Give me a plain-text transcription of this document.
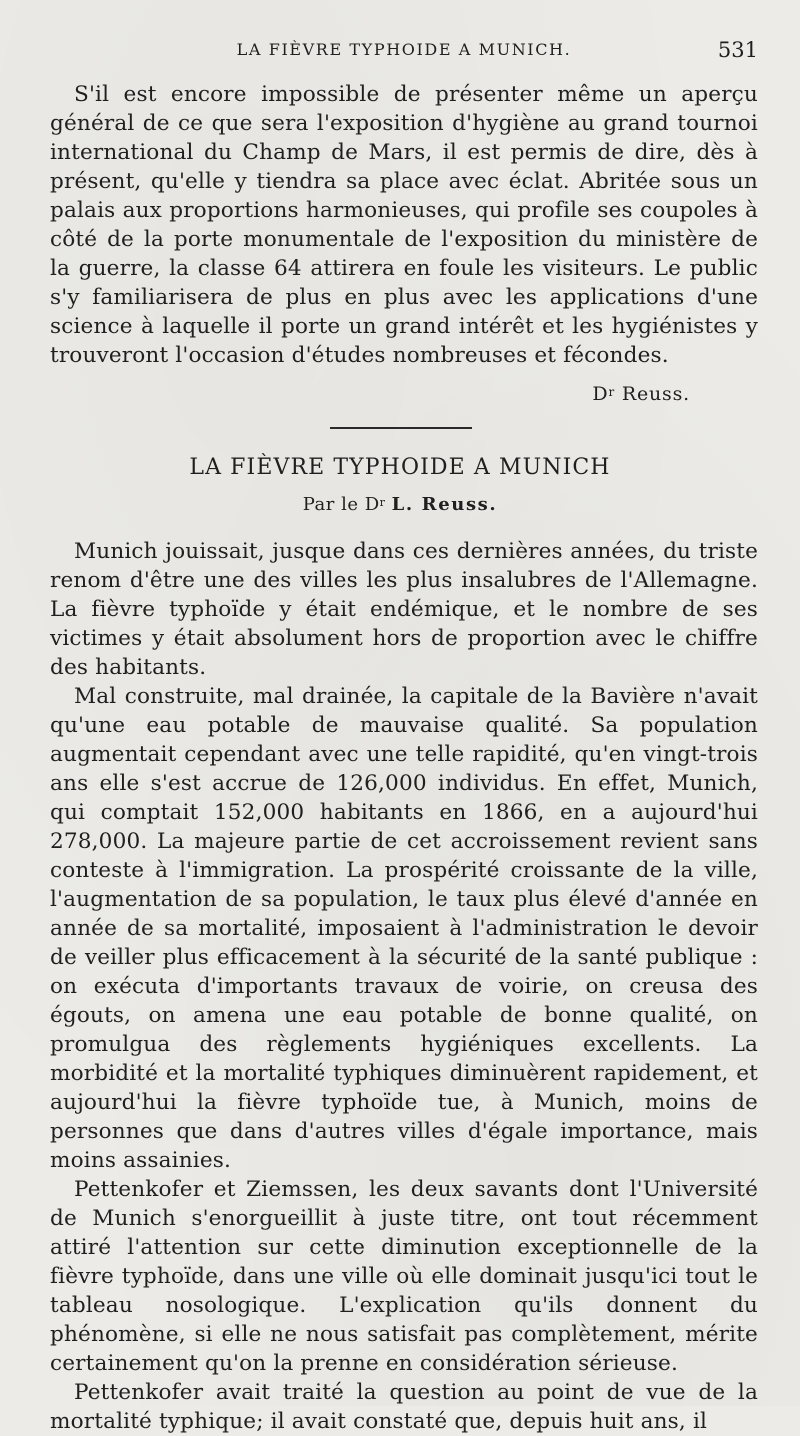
LA FIÈVRE TYPHOIDE A MUNICH.	531

S'il est encore impossible de présenter même un aperçu général de ce que sera l'exposition d'hygiène au grand tournoi international du Champ de Mars, il est permis de dire, dès à présent, qu'elle y tiendra sa place avec éclat. Abritée sous un palais aux proportions harmonieuses, qui profile ses coupoles à côté de la porte monumentale de l'exposition du ministère de la guerre, la classe 64 attirera en foule les visiteurs. Le public s'y familiarisera de plus en plus avec les applications d'une science à laquelle il porte un grand intérêt et les hygiénistes y trouveront l'occasion d'études nombreuses et fécondes.

$D^r$ Reuss.
LA FIÈVRE TYPHOIDE A MUNICH
Par le $D^r$ L. Reuss.

Munich jouissait, jusque dans ces dernières années, du triste renom d'être une des villes les plus insalubres de l'Allemagne. La fièvre typhoïde y était endémique, et le nombre de ses victimes y était absolument hors de proportion avec le chiffre des habitants.

Mal construite, mal drainée, la capitale de la Bavière n'avait qu'une eau potable de mauvaise qualité. Sa population augmentait cependant avec une telle rapidité, qu'en vingt-trois ans elle s'est accrue de 126,000 individus. En effet, Munich, qui comptait 152,000 habitants en 1866, en a aujourd'hui 278,000. La majeure partie de cet accroissement revient sans conteste à l'immigration. La prospérité croissante de la ville, l'augmentation de sa population, le taux plus élevé d'année en année de sa mortalité, imposaient à l'administration le devoir de veiller plus efficacement à la sécurité de la santé publique : on exécuta d'importants travaux de voirie, on creusa des égouts, on amena une eau potable de bonne qualité, on promulgua des règlements hygiéniques excellents. La morbidité et la mortalité typhiques diminuèrent rapidement, et aujourd'hui la fièvre typhoïde tue, à Munich, moins de personnes que dans d'autres villes d'égale importance, mais moins assainies.

Pettenkofer et Ziemssen, les deux savants dont l'Université de Munich s'enorgueillit à juste titre, ont tout récemment attiré l'attention sur cette diminution exceptionnelle de la fièvre typhoïde, dans une ville où elle dominait jusqu'ici tout le tableau nosologique. L'explication qu'ils donnent du phénomène, si elle ne nous satisfait pas complètement, mérite certainement qu'on la prenne en considération sérieuse.

Pettenkofer avait traité la question au point de vue de la mortalité typhique; il avait constaté que, depuis huit ans, il
